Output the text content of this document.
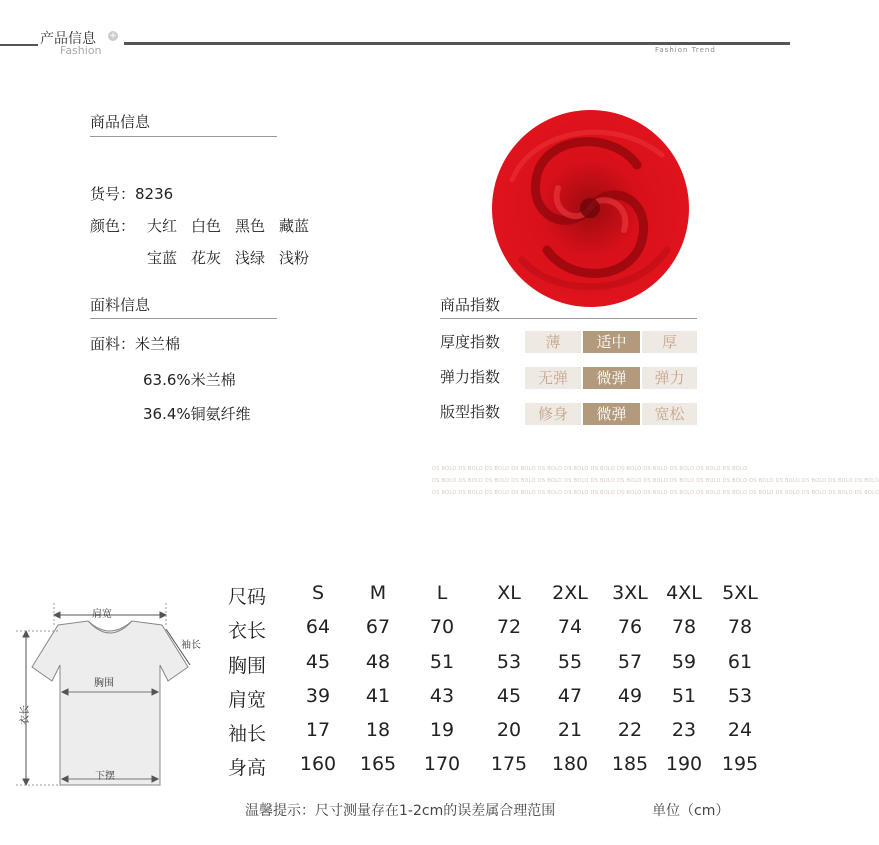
产品信息 +
Fashion	Fashion Trend
商品信息
货号：8236
颜色： 大红 白色 黑色 藏蓝
宝蓝 花灰 浅绿 浅粉
面料信息
面料：米兰棉
63.6%米兰棉
36.4%铜氨纤维
商品指数
厚度指数	薄	适中	厚
弹力指数	无弹	微弹	弹力
版型指数	修身	微弹	宽松
DS BOLO DS BOLO DS BOLO DS BOLO DS BOLO DS BOLO DS BOLO DS BOLO DS BOLO DS BOLO DS BOLO DS BOLO
DS BOLO DS BOLO DS BOLO DS BOLO DS BOLO DS BOLO DS BOLO DS BOLO DS BOLO DS BOLO DS BOLO DS BOLO DS BOLO DS BOLO DS BOLO DS BOLO DS BOLO
DS BOLO DS BOLO DS BOLO DS BOLO DS BOLO DS BOLO DS BOLO DS BOLO DS BOLO DS BOLO DS BOLO DS BOLO DS BOLO DS BOLO DS BOLO DS BOLO DS BOLO
肩宽
袖长
胸围
衣长
下摆
尺码	S	M	L	XL	2XL	3XL 4XL	5XL
衣长	64	67	70	72	74	76	78	78
胸围	45	48	51	53	55	57	59	61
肩宽	39	41	43	45	47	49	51	53
袖长	17	18	19	20	21	22	23	24
身高	160	165	170	175	180	185 190	195
温馨提示：尺寸测量存在1-2cm的误差属合理范围	单位（cm）
